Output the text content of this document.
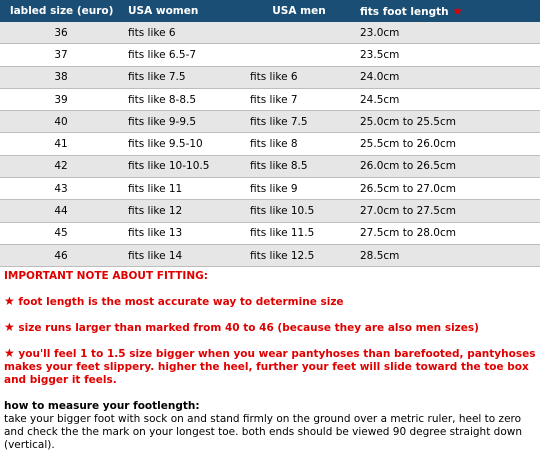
labled size (euro)	USA women	USA men	fits foot length ★
36	fits like 6		23.0cm
37	fits like 6.5-7		23.5cm
38	fits like 7.5	fits like 6	24.0cm
39	fits like 8-8.5	fits like 7	24.5cm
40	fits like 9-9.5	fits like 7.5	25.0cm to 25.5cm
41	fits like 9.5-10	fits like 8	25.5cm to 26.0cm
42	fits like 10-10.5	fits like 8.5	26.0cm to 26.5cm
43	fits like 11	fits like 9	26.5cm to 27.0cm
44	fits like 12	fits like 10.5	27.0cm to 27.5cm
45	fits like 13	fits like 11.5	27.5cm to 28.0cm
46	fits like 14	fits like 12.5	28.5cm

IMPORTANT NOTE ABOUT FITTING:

★ foot length is the most accurate way to determine size

★ size runs larger than marked from 40 to 46 (because they are also men sizes)

★ you'll feel 1 to 1.5 size bigger when you wear pantyhoses than barefooted, pantyhoses makes your feet slippery. higher the heel, further your feet will slide toward the toe box and bigger it feels.

how to measure your footlength:

take your bigger foot with sock on and stand firmly on the ground over a metric ruler, heel to zero and check the the mark on your longest toe. both ends should be viewed 90 degree straight down (vertical).
